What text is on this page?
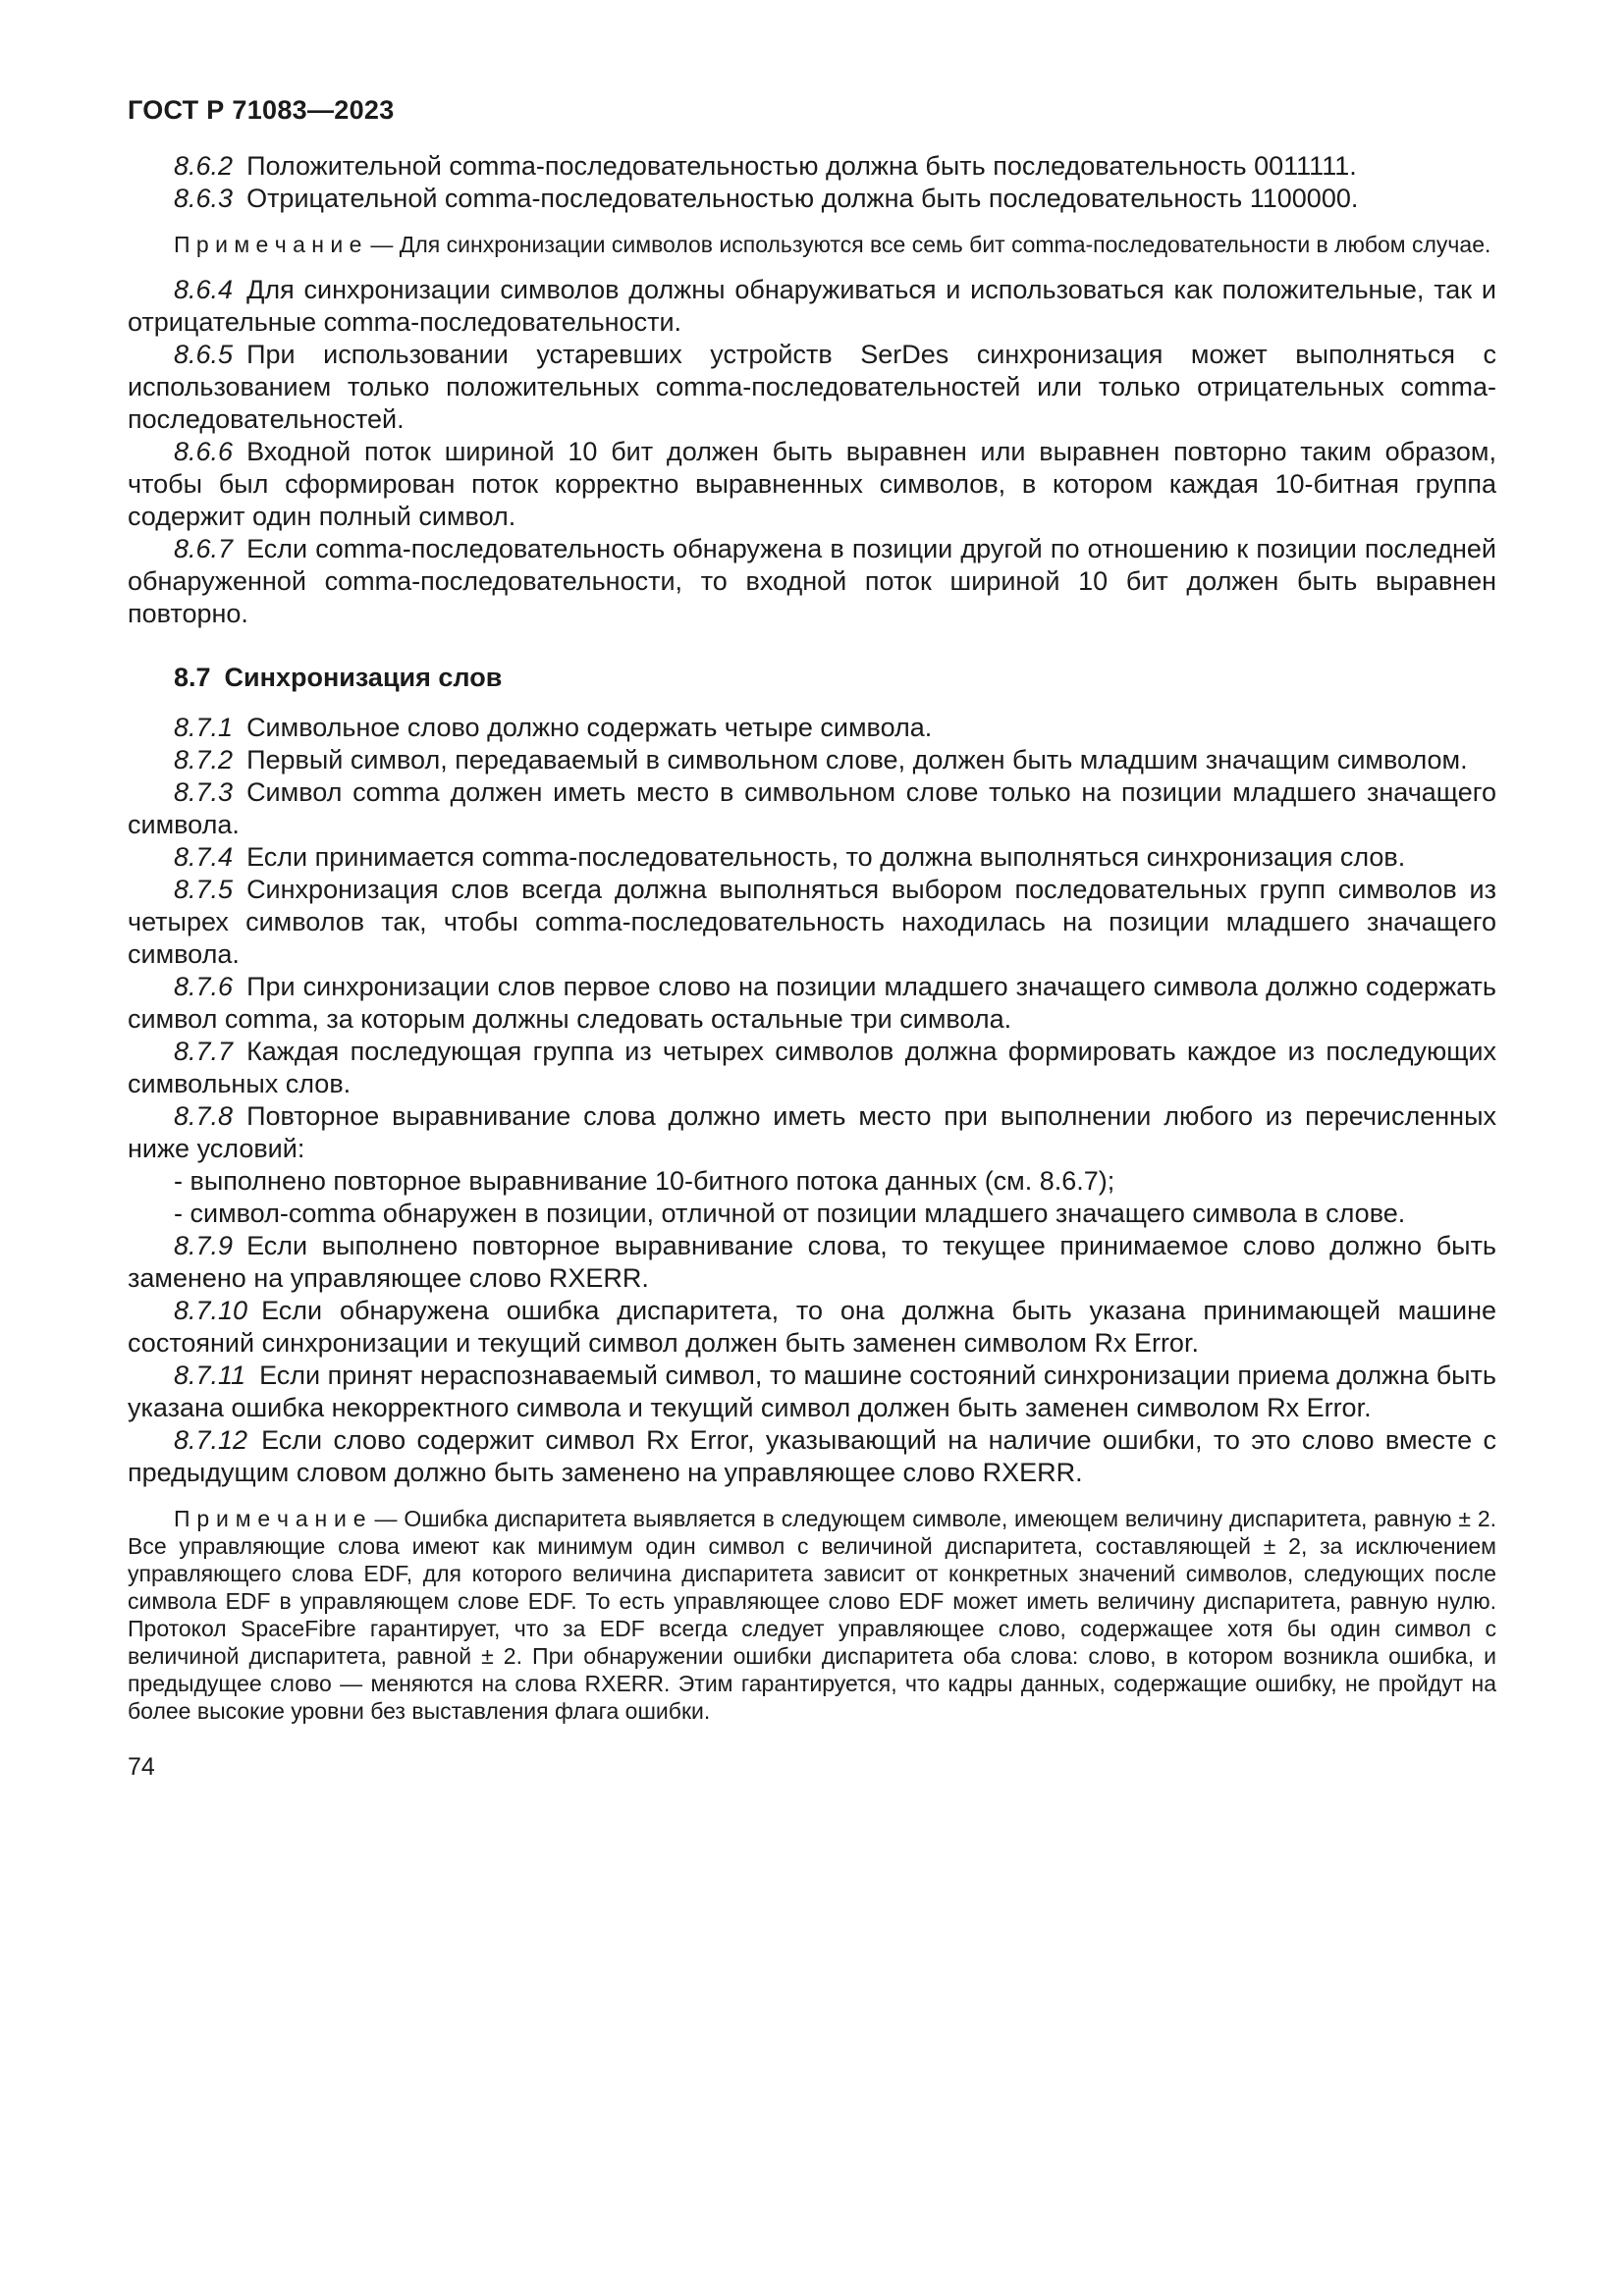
ГОСТ Р 71083—2023
8.6.2 Положительной comma-последовательностью должна быть последовательность 0011111.
8.6.3 Отрицательной comma-последовательностью должна быть последовательность 1100000.
П р и м е ч а н и е — Для синхронизации символов используются все семь бит comma-последовательности в любом случае.
8.6.4 Для синхронизации символов должны обнаруживаться и использоваться как положительные, так и отрицательные comma-последовательности.
8.6.5 При использовании устаревших устройств SerDes синхронизация может выполняться с использованием только положительных comma-последовательностей или только отрицательных comma-последовательностей.
8.6.6 Входной поток шириной 10 бит должен быть выравнен или выравнен повторно таким образом, чтобы был сформирован поток корректно выравненных символов, в котором каждая 10-битная группа содержит один полный символ.
8.6.7 Если comma-последовательность обнаружена в позиции другой по отношению к позиции последней обнаруженной comma-последовательности, то входной поток шириной 10 бит должен быть выравнен повторно.
8.7 Синхронизация слов
8.7.1 Символьное слово должно содержать четыре символа.
8.7.2 Первый символ, передаваемый в символьном слове, должен быть младшим значащим символом.
8.7.3 Символ comma должен иметь место в символьном слове только на позиции младшего значащего символа.
8.7.4 Если принимается comma-последовательность, то должна выполняться синхронизация слов.
8.7.5 Синхронизация слов всегда должна выполняться выбором последовательных групп символов из четырех символов так, чтобы comma-последовательность находилась на позиции младшего значащего символа.
8.7.6 При синхронизации слов первое слово на позиции младшего значащего символа должно содержать символ comma, за которым должны следовать остальные три символа.
8.7.7 Каждая последующая группа из четырех символов должна формировать каждое из последующих символьных слов.
8.7.8 Повторное выравнивание слова должно иметь место при выполнении любого из перечисленных ниже условий:
- выполнено повторное выравнивание 10-битного потока данных (см. 8.6.7);
- символ-comma обнаружен в позиции, отличной от позиции младшего значащего символа в слове.
8.7.9 Если выполнено повторное выравнивание слова, то текущее принимаемое слово должно быть заменено на управляющее слово RXERR.
8.7.10 Если обнаружена ошибка диспаритета, то она должна быть указана принимающей машине состояний синхронизации и текущий символ должен быть заменен символом Rx Error.
8.7.11 Если принят нераспознаваемый символ, то машине состояний синхронизации приема должна быть указана ошибка некорректного символа и текущий символ должен быть заменен символом Rx Error.
8.7.12 Если слово содержит символ Rx Error, указывающий на наличие ошибки, то это слово вместе с предыдущим словом должно быть заменено на управляющее слово RXERR.
П р и м е ч а н и е — Ошибка диспаритета выявляется в следующем символе, имеющем величину диспаритета, равную ± 2. Все управляющие слова имеют как минимум один символ с величиной диспаритета, составляющей ± 2, за исключением управляющего слова EDF, для которого величина диспаритета зависит от конкретных значений символов, следующих после символа EDF в управляющем слове EDF. То есть управляющее слово EDF может иметь величину диспаритета, равную нулю. Протокол SpaceFibre гарантирует, что за EDF всегда следует управляющее слово, содержащее хотя бы один символ с величиной диспаритета, равной ± 2. При обнаружении ошибки диспаритета оба слова: слово, в котором возникла ошибка, и предыдущее слово — меняются на слова RXERR. Этим гарантируется, что кадры данных, содержащие ошибку, не пройдут на более высокие уровни без выставления флага ошибки.
74
